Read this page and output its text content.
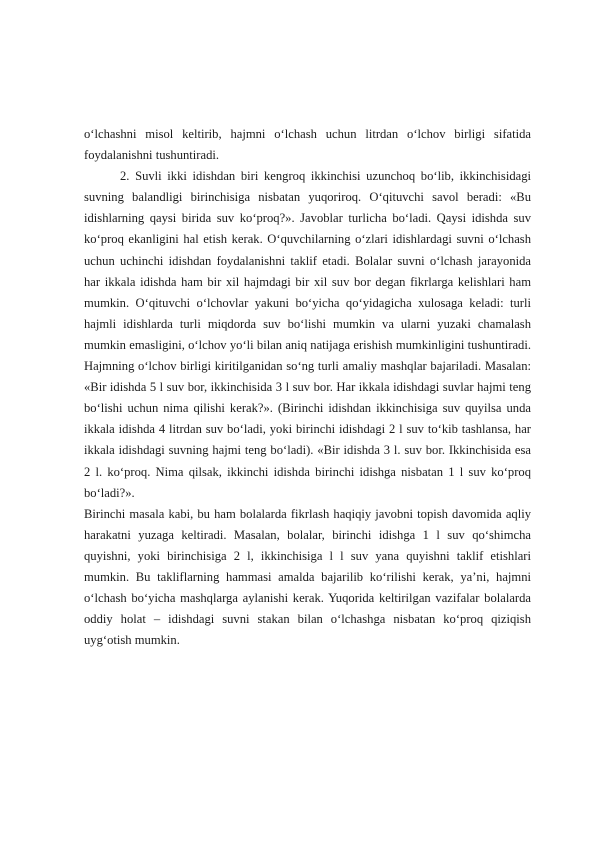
o‘lchashni misol keltirib, hajmni o‘lchash uchun litrdan o‘lchov birligi sifatida foydalanishni tushuntiradi.

2. Suvli ikki idishdan biri kengroq ikkinchisi uzunchoq bo‘lib, ikkinchisidagi suvning balandligi birinchisiga nisbatan yuqoriroq. O‘qituvchi savol beradi: «Bu idishlarning qaysi birida suv ko‘proq?». Javoblar turlicha bo‘ladi. Qaysi idishda suv ko‘proq ekanligini hal etish kerak. O‘quvchilarning o‘zlari idishlardagi suvni o‘lchash uchun uchinchi idishdan foydalanishni taklif etadi. Bolalar suvni o‘lchash jarayonida har ikkala idishda ham bir xil hajmdagi bir xil suv bor degan fikrlarga kelishlari ham mumkin. O‘qituvchi o‘lchovlar yakuni bo‘yicha qo‘yidagicha xulosaga keladi: turli hajmli idishlarda turli miqdorda suv bo‘lishi mumkin va ularni yuzaki chamalash mumkin emasligini, o‘lchov yo‘li bilan aniq natijaga erishish mumkinligini tushuntiradi. Hajmning o‘lchov birligi kiritilganidan so‘ng turli amaliy mashqlar bajariladi. Masalan: «Bir idishda 5 l suv bor, ikkinchisida 3 l suv bor. Har ikkala idishdagi suvlar hajmi teng bo‘lishi uchun nima qilishi kerak?». (Birinchi idishdan ikkinchisiga suv quyilsa unda ikkala idishda 4 litrdan suv bo‘ladi, yoki birinchi idishdagi 2 l suv to‘kib tashlansa, har ikkala idishdagi suvning hajmi teng bo‘ladi). «Bir idishda 3 l. suv bor. Ikkinchisida esa 2 l. ko‘proq. Nima qilsak, ikkinchi idishda birinchi idishga nisbatan 1 l suv ko‘proq bo‘ladi?».

Birinchi masala kabi, bu ham bolalarda fikrlash haqiqiy javobni topish davomida aqliy harakatni yuzaga keltiradi. Masalan, bolalar, birinchi idishga 1 l suv qo‘shimcha quyishni, yoki birinchisiga 2 l, ikkinchisiga l l suv yana quyishni taklif etishlari mumkin. Bu takliflarning hammasi amalda bajarilib ko‘rilishi kerak, ya’ni, hajmni o‘lchash bo‘yicha mashqlarga aylanishi kerak. Yuqorida keltirilgan vazifalar bolalarda oddiy holat – idishdagi suvni stakan bilan o‘lchashga nisbatan ko‘proq qiziqish uyg‘otish mumkin.
